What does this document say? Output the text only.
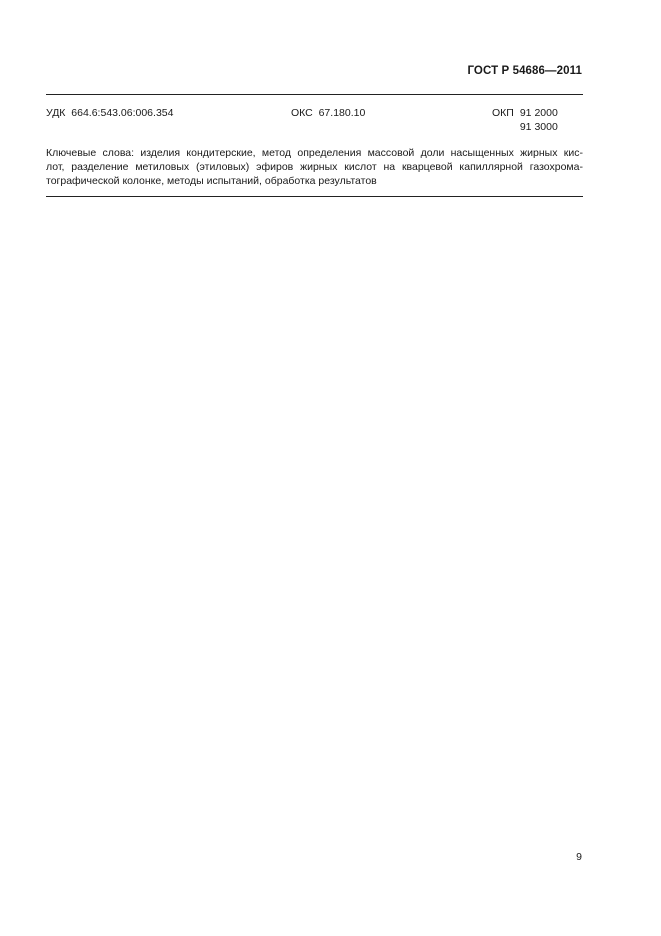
ГОСТ Р 54686—2011
УДК 664.6:543.06:006.354	ОКС 67.180.10	ОКП 91 2000
91 3000
Ключевые слова: изделия кондитерские, метод определения массовой доли насыщенных жирных кис-
лот, разделение метиловых (этиловых) эфиров жирных кислот на кварцевой капиллярной газохрома-
тографической колонке, методы испытаний, обработка результатов
9
